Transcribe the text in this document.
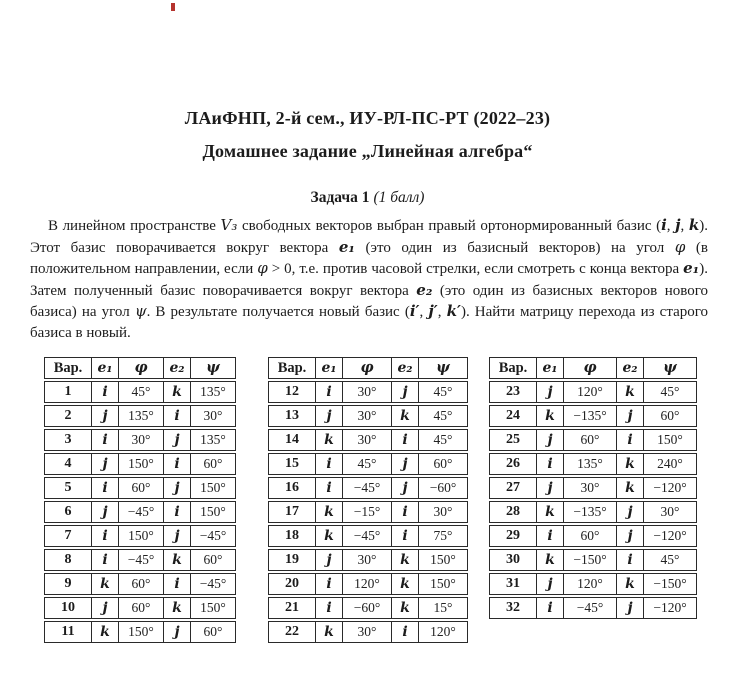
ЛАиФНП, 2-й сем., ИУ-РЛ-ПС-РТ (2022–23)
Домашнее задание „Линейная алгебра“
Задача 1 (1 балл)
В линейном пространстве V₃ свободных векторов выбран правый ортонормированный базис (i, j, k). Этот базис поворачивается вокруг вектора e₁ (это один из базисный векторов) на угол φ (в положительном направлении, если φ > 0, т.е. против часовой стрелки, если смотреть с конца вектора e₁). Затем полученный базис поворачивается вокруг вектора e₂ (это один из базисных векторов нового базиса) на угол ψ. В результате получается новый базис (i′, j′, k′). Найти матрицу перехода из старого базиса в новый.
Вар.	e₁	φ	e₂	ψ
1	i	45°	k	135°
2	j	135°	i	30°
3	i	30°	j	135°
4	j	150°	i	60°
5	i	60°	j	150°
6	j	−45°	i	150°
7	i	150°	j	−45°
8	i	−45°	k	60°
9	k	60°	i	−45°
10	j	60°	k	150°
11	k	150°	j	60°
Вар.	e₁	φ	e₂	ψ
12	i	30°	j	45°
13	j	30°	k	45°
14	k	30°	i	45°
15	i	45°	j	60°
16	i	−45°	j	−60°
17	k	−15°	i	30°
18	k	−45°	i	75°
19	j	30°	k	150°
20	i	120°	k	150°
21	i	−60°	k	15°
22	k	30°	i	120°
Вар.	e₁	φ	e₂	ψ
23	j	120°	k	45°
24	k	−135°	j	60°
25	j	60°	i	150°
26	i	135°	k	240°
27	j	30°	k	−120°
28	k	−135°	j	30°
29	i	60°	j	−120°
30	k	−150°	i	45°
31	j	120°	k	−150°
32	i	−45°	j	−120°
